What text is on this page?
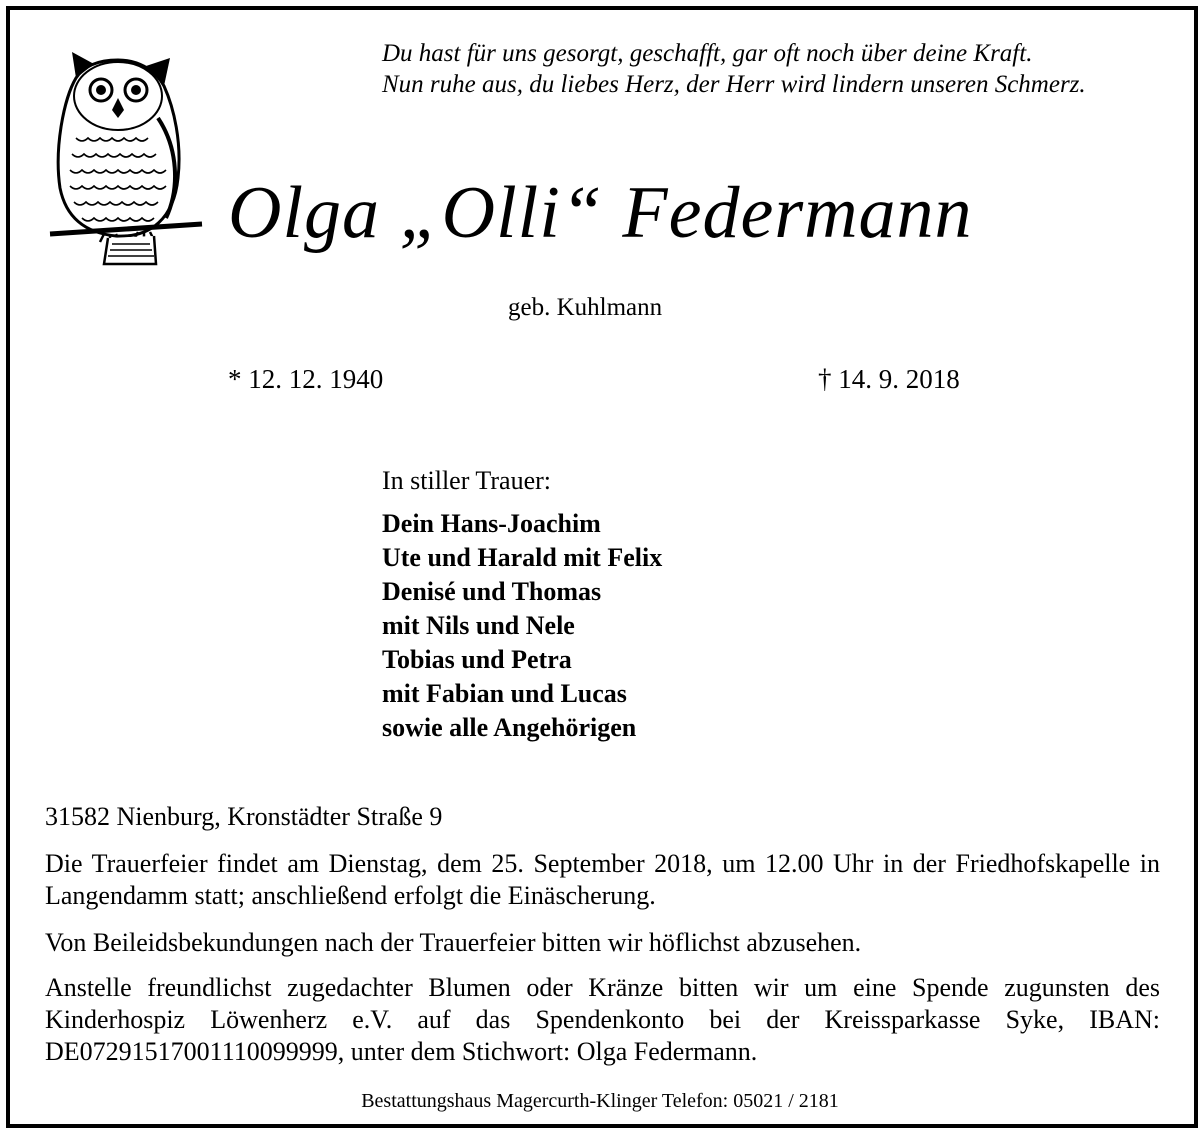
Du hast für uns gesorgt, geschafft, gar oft noch über deine Kraft.
Nun ruhe aus, du liebes Herz, der Herr wird lindern unseren Schmerz.
Olga „Olli“ Federmann
geb. Kuhlmann
* 12. 12. 1940	† 14. 9. 2018
In stiller Trauer:
Dein Hans-Joachim
Ute und Harald mit Felix
Denisé und Thomas
mit Nils und Nele
Tobias und Petra
mit Fabian und Lucas
sowie alle Angehörigen
31582 Nienburg, Kronstädter Straße 9
Die Trauerfeier findet am Dienstag, dem 25. September 2018, um 12.00 Uhr in der Friedhofskapelle in Langendamm statt; anschließend erfolgt die Einäscherung.
Von Beileidsbekundungen nach der Trauerfeier bitten wir höflichst abzusehen.
Anstelle freundlichst zugedachter Blumen oder Kränze bitten wir um eine Spende zugunsten des Kinderhospiz Löwenherz e.V. auf das Spendenkonto bei der Kreissparkasse Syke, IBAN: DE07291517001110099999, unter dem Stichwort: Olga Federmann.
Bestattungshaus Magercurth-Klinger Telefon: 05021 / 2181
